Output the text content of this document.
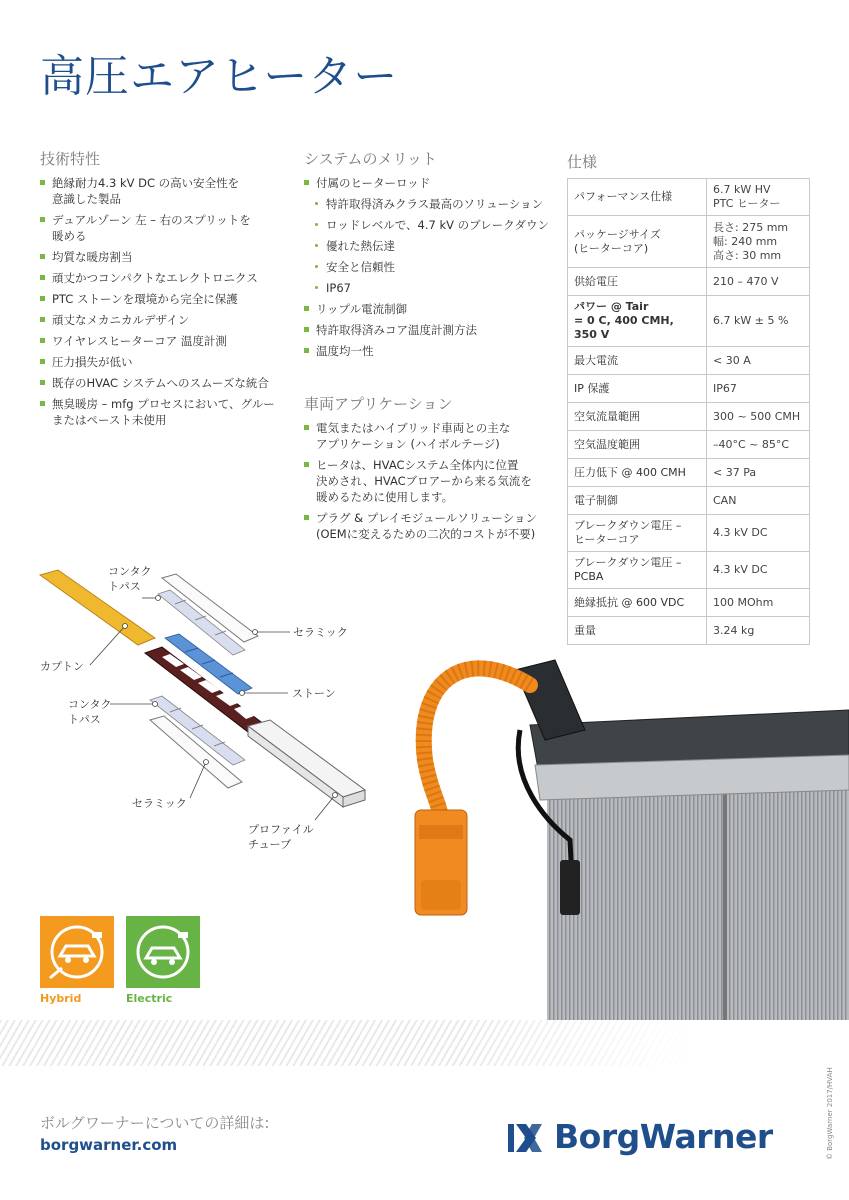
高圧エアヒーター
技術特性
絶縁耐力4.3 kV DC の高い安全性を
意識した製品
デュアルゾーン 左 – 右のスプリットを
暖める
均質な暖房割当
頑丈かつコンパクトなエレクトロニクス
PTC ストーンを環境から完全に保護
頑丈なメカニカルデザイン
ワイヤレスヒーターコア 温度計測
圧力損失が低い
既存のHVAC システムへのスムーズな統合
無臭暖房 – mfg プロセスにおいて、グルー
またはペースト未使用
システムのメリット
付属のヒーターロッド
特許取得済みクラス最高のソリューション
ロッドレベルで、4.7 kV のブレークダウン
優れた熱伝達
安全と信頼性
IP67
リップル電流制御
特許取得済みコア温度計測方法
温度均一性
車両アプリケーション
電気またはハイブリッド車両との主な
アプリケーション (ハイボルテージ)
ヒータは、HVACシステム全体内に位置
決めされ、HVACブロアーから来る気流を
暖めるために使用します。
プラグ & プレイモジュールソリューション
(OEMに変えるための二次的コストが不要)
仕様
パフォーマンス仕様	6.7 kW HV
PTC ヒーター
パッケージサイズ
(ヒーターコア)	長さ: 275 mm
幅: 240 mm
高さ: 30 mm
供給電圧	210 – 470 V
パワー @ Tair
= 0 C, 400 CMH, 350 V	6.7 kW ± 5 %
最大電流	< 30 A
IP 保護	IP67
空気流量範囲	300 ~ 500 CMH
空気温度範囲	–40°C ~ 85°C
圧力低下 @ 400 CMH	< 37 Pa
電子制御	CAN
ブレークダウン電圧 –
ヒーターコア	4.3 kV DC
ブレークダウン電圧 –
PCBA	4.3 kV DC
絶縁抵抗 @ 600 VDC	100 MOhm
重量	3.24 kg
コンタク
トパス
セラミック
カプトン
ストーン
コンタク
トパス
セラミック
プロファイル
チューブ
Hybrid	Electric
ボルグワーナーについての詳細は:
borgwarner.com	BorgWarner	© BorgWarner 2017/HVAH
